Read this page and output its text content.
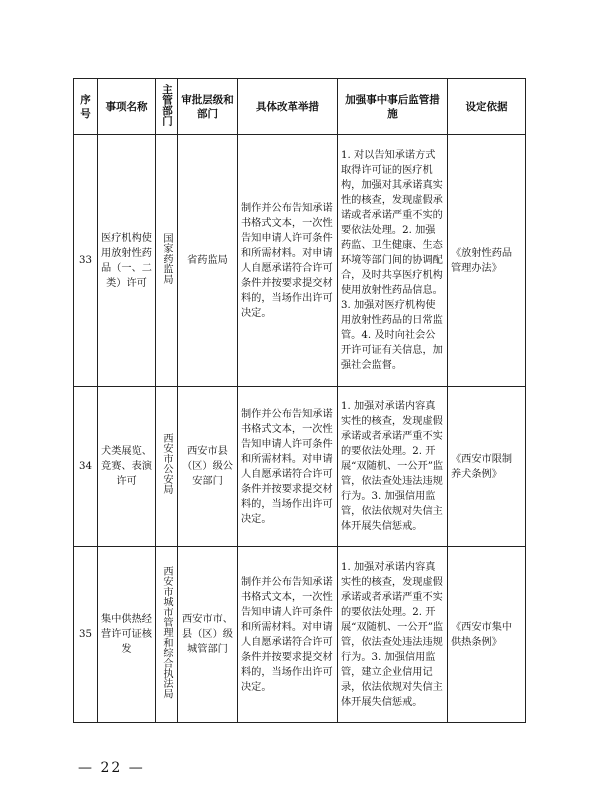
序号	事项名称	主管部门	审批层级和部门	具体改革举措	加强事中事后监管措施	设定依据
33	医疗机构使用放射性药品（一、二类）许可	国家药监局	省药监局	制作并公布告知承诺书格式文本，一次性告知申请人许可条件和所需材料。对申请人自愿承诺符合许可条件并按要求提交材料的，当场作出许可决定。	1. 对以告知承诺方式取得许可证的医疗机构，加强对其承诺真实性的核查，发现虚假承诺或者承诺严重不实的要依法处理。2. 加强药监、卫生健康、生态环境等部门间的协调配合，及时共享医疗机构使用放射性药品信息。3. 加强对医疗机构使用放射性药品的日常监管。4. 及时向社会公开许可证有关信息，加强社会监督。	《放射性药品管理办法》
34	犬类展览、竞赛、表演许可	西安市公安局	西安市县（区）级公安部门	制作并公布告知承诺书格式文本，一次性告知申请人许可条件和所需材料。对申请人自愿承诺符合许可条件并按要求提交材料的，当场作出许可决定。	1. 加强对承诺内容真实性的核查，发现虚假承诺或者承诺严重不实的要依法处理。2. 开展“双随机、一公开”监管，依法查处违法违规行为。3. 加强信用监管，依法依规对失信主体开展失信惩戒。	《西安市限制养犬条例》
35	集中供热经营许可证核发	西安市城市管理和综合执法局	西安市市、县（区）级城管部门	制作并公布告知承诺书格式文本，一次性告知申请人许可条件和所需材料。对申请人自愿承诺符合许可条件并按要求提交材料的，当场作出许可决定。	1. 加强对承诺内容真实性的核查，发现虚假承诺或者承诺严重不实的要依法处理。2. 开展“双随机、一公开”监管，依法查处违法违规行为。3. 加强信用监管，建立企业信用记录，依法依规对失信主体开展失信惩戒。	《西安市集中供热条例》
— 22 —
